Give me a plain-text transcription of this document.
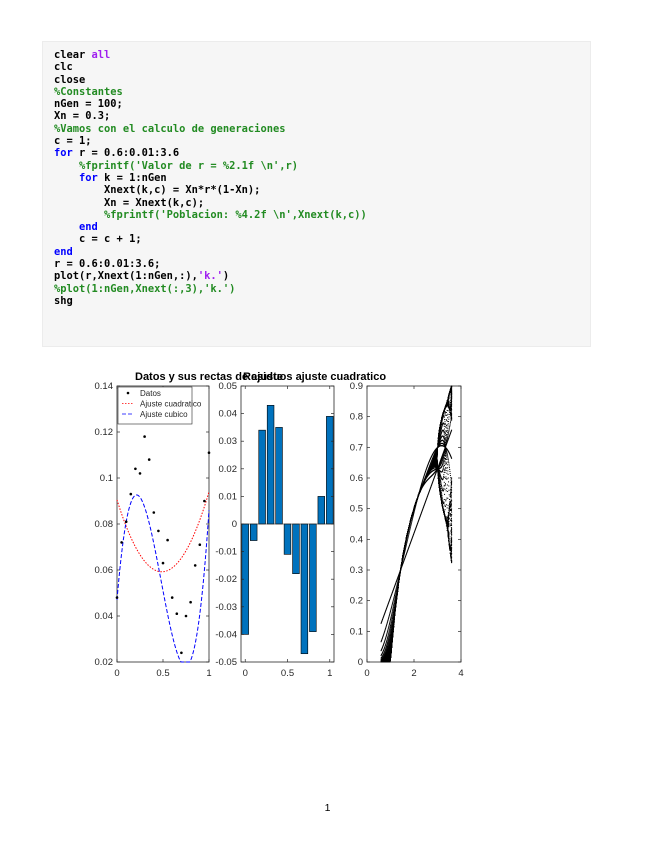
clear all
clc
close
%Constantes
nGen = 100;
Xn = 0.3;
%Vamos con el calculo de generaciones
c = 1;
for r = 0.6:0.01:3.6
%fprintf('Valor de r = %2.1f \n',r)
for k = 1:nGen
Xnext(k,c) = Xn*r*(1-Xn);
Xn = Xnext(k,c);
%fprintf('Poblacion: %4.2f \n',Xnext(k,c))
end
c = c + 1;
end
r = 0.6:0.01:3.6;
plot(r,Xnext(1:nGen,:),'k.')
%plot(1:nGen,Xnext(:,3),'k.')
shg
0.02
0.04
0.06
0.08
0.1
0.12
0.14
0	0.5	1
Datos
Ajuste cuadratico
Ajuste cubico
Datos y sus rectas de ajuste
-0.05
-0.04
-0.03
-0.02
-0.01
0
0.01
0.02
0.03
0.04
0.05
0	0.5	1
Residuos ajuste cuadratico
0
0.1
0.2
0.3
0.4
0.5
0.6
0.7
0.8
0.9
0	2	4
1
